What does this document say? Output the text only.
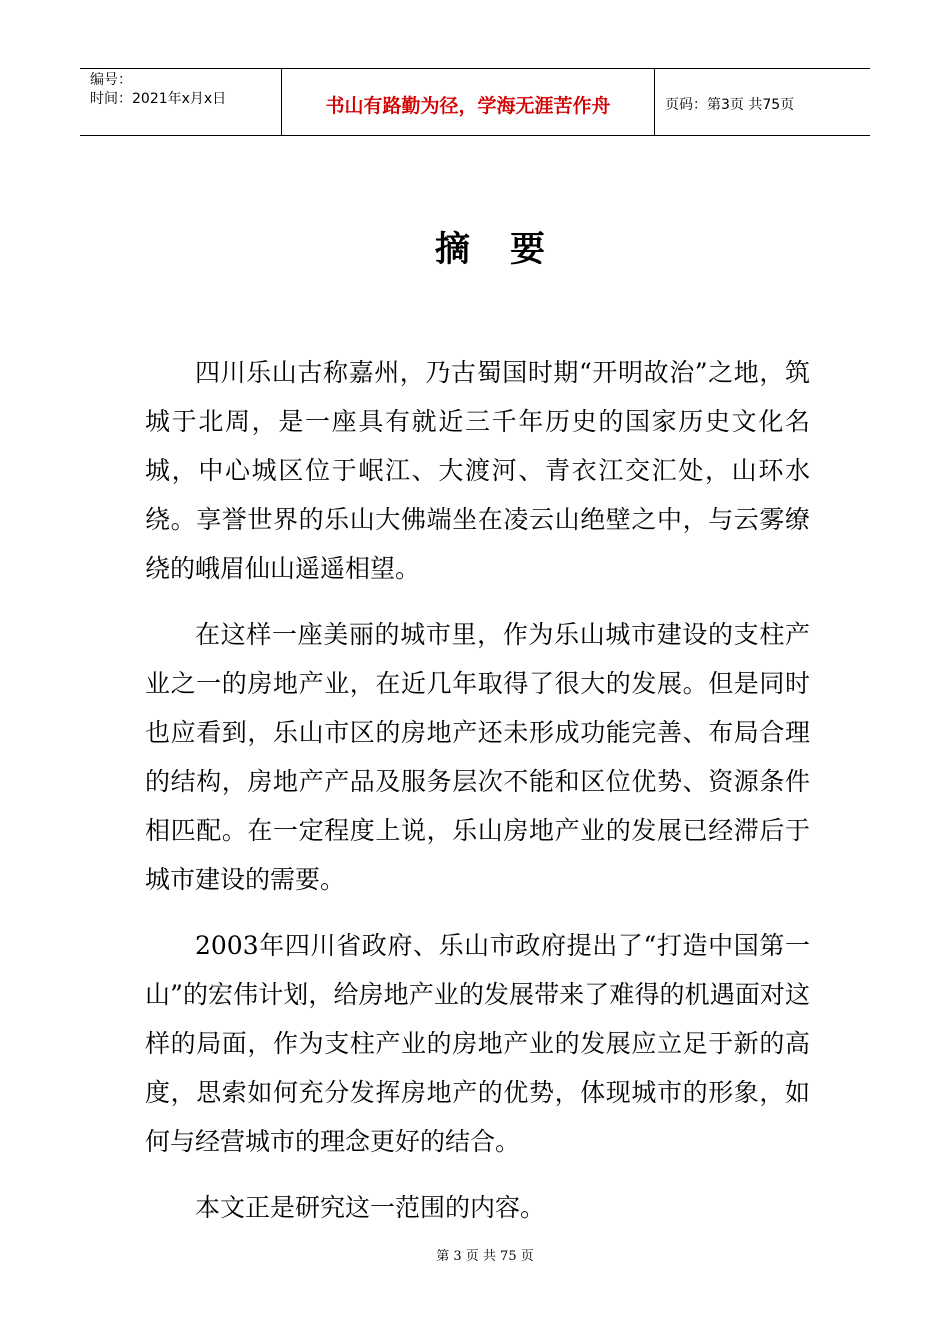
编号：
时间：2021年x月x日	书山有路勤为径，学海无涯苦作舟	页码：第3页 共75页
摘要

四川乐山古称嘉州，乃古蜀国时期“开明故治”之地，筑城于北周，是一座具有就近三千年历史的国家历史文化名城，中心城区位于岷江、大渡河、青衣江交汇处，山环水绕。享誉世界的乐山大佛端坐在凌云山绝壁之中，与云雾缭绕的峨眉仙山遥遥相望。

在这样一座美丽的城市里，作为乐山城市建设的支柱产业之一的房地产业，在近几年取得了很大的发展。但是同时也应看到，乐山市区的房地产还未形成功能完善、布局合理的结构，房地产产品及服务层次不能和区位优势、资源条件相匹配。在一定程度上说，乐山房地产业的发展已经滞后于城市建设的需要。

2003年四川省政府、乐山市政府提出了“打造中国第一山”的宏伟计划，给房地产业的发展带来了难得的机遇面对这样的局面，作为支柱产业的房地产业的发展应立足于新的高度，思索如何充分发挥房地产的优势，体现城市的形象，如何与经营城市的理念更好的结合。

本文正是研究这一范围的内容。

第 3 页 共 75 页
